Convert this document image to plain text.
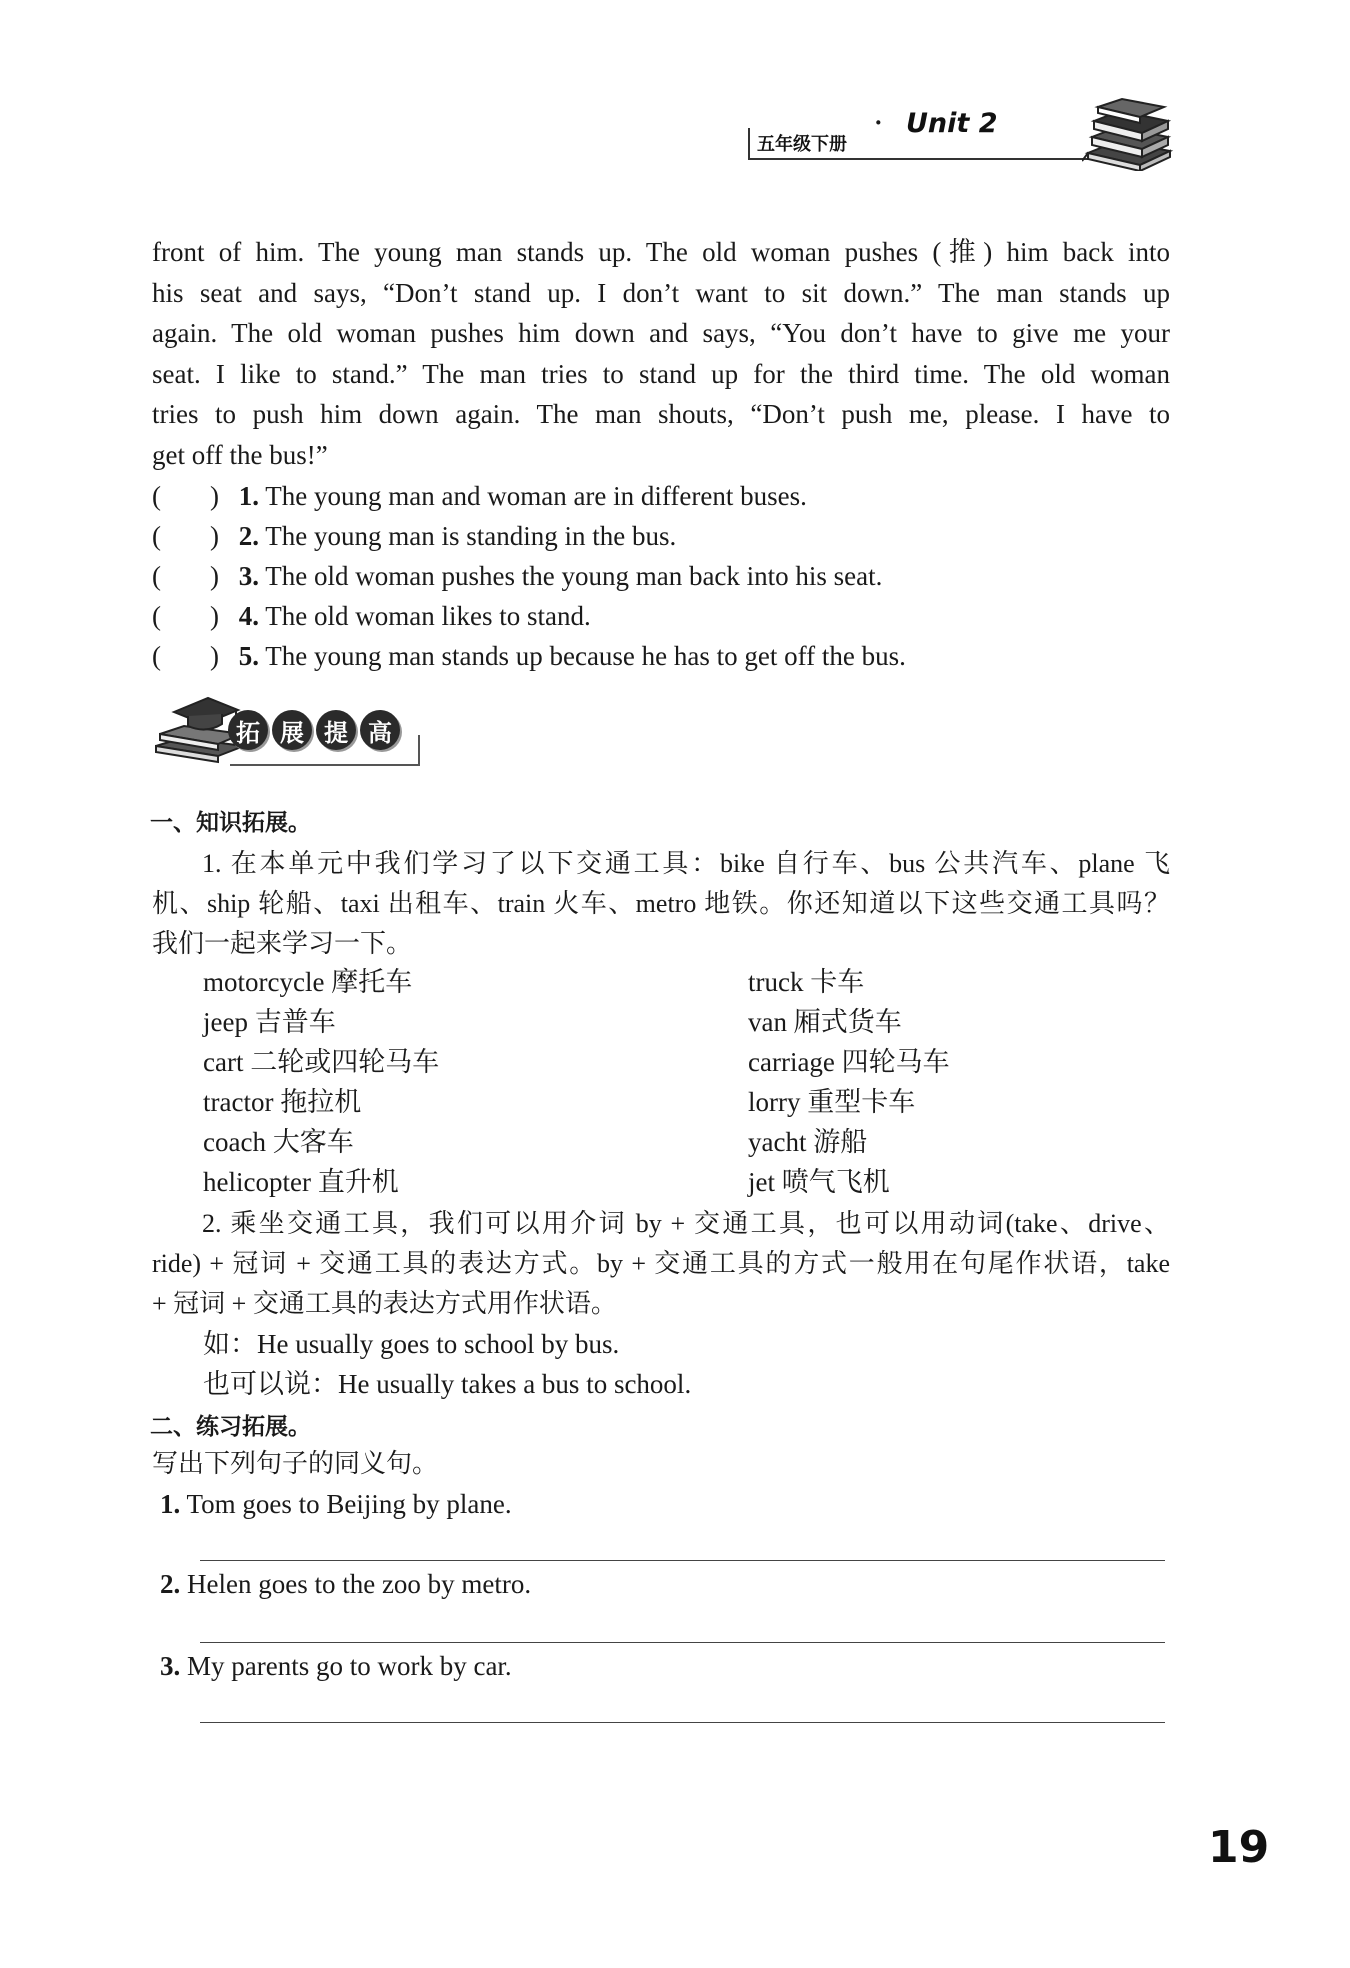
五年级下册
· Unit 2
front of him. The young man stands up. The old woman pushes (推) him back into
his seat and says, “Don’t stand up. I don’t want to sit down.” The man stands up
again. The old woman pushes him down and says, “You don’t have to give me your
seat. I like to stand.” The man tries to stand up for the third time. The old woman
tries to push him down again. The man shouts, “Don’t push me, please. I have to
get off the bus!”
( ) 1. The young man and woman are in different buses.
( ) 2. The young man is standing in the bus.
( ) 3. The old woman pushes the young man back into his seat.
( ) 4. The old woman likes to stand.
( ) 5. The young man stands up because he has to get off the bus.
拓 展 提 高
一、知识拓展。
1. 在本单元中我们学习了以下交通工具：bike 自行车、bus 公共汽车、plane 飞
机、ship 轮船、taxi 出租车、train 火车、metro 地铁。你还知道以下这些交通工具吗？
我们一起来学习一下。
motorcycle 摩托车
jeep 吉普车
cart 二轮或四轮马车
tractor 拖拉机
coach 大客车
helicopter 直升机
truck 卡车
van 厢式货车
carriage 四轮马车
lorry 重型卡车
yacht 游船
jet 喷气飞机
2. 乘坐交通工具，我们可以用介词 by + 交通工具，也可以用动词(take、drive、
ride) + 冠词 + 交通工具的表达方式。by + 交通工具的方式一般用在句尾作状语，take
+ 冠词 + 交通工具的表达方式用作状语。
如：He usually goes to school by bus.
也可以说：He usually takes a bus to school.
二、练习拓展。
写出下列句子的同义句。
1. Tom goes to Beijing by plane.
2. Helen goes to the zoo by metro.
3. My parents go to work by car.
19
